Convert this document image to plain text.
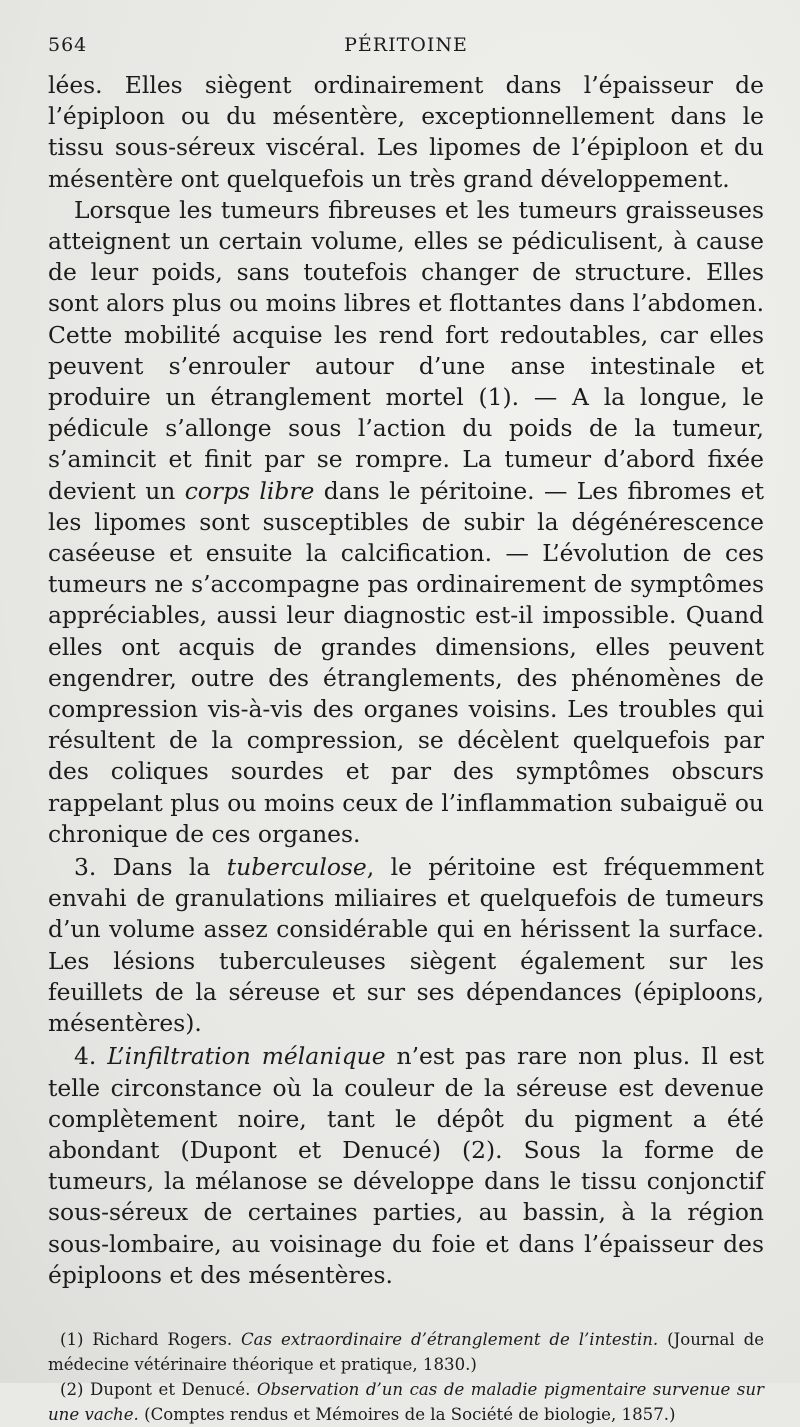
564	PÉRITOINE

lées. Elles siègent ordinairement dans l’épaisseur de l’épiploon ou du mésentère, exceptionnellement dans le tissu sous-séreux viscéral. Les lipomes de l’épiploon et du mésentère ont quelquefois un très grand développement.

Lorsque les tumeurs fibreuses et les tumeurs graisseuses atteignent un certain volume, elles se pédiculisent, à cause de leur poids, sans toutefois changer de structure. Elles sont alors plus ou moins libres et flottantes dans l’abdomen. Cette mobilité acquise les rend fort redoutables, car elles peuvent s’enrouler autour d’une anse intestinale et produire un étranglement mortel (1). — A la longue, le pédicule s’allonge sous l’action du poids de la tumeur, s’amincit et finit par se rompre. La tumeur d’abord fixée devient un corps libre dans le péritoine. — Les fibromes et les lipomes sont susceptibles de subir la dégénérescence caséeuse et ensuite la calcification. — L’évolution de ces tumeurs ne s’accompagne pas ordinairement de symptômes appréciables, aussi leur diagnostic est-il impossible. Quand elles ont acquis de grandes dimensions, elles peuvent engendrer, outre des étranglements, des phénomènes de compression vis-à-vis des organes voisins. Les troubles qui résultent de la compression, se décèlent quelquefois par des coliques sourdes et par des symptômes obscurs rappelant plus ou moins ceux de l’inflammation subaiguë ou chronique de ces organes.

3. Dans la tuberculose, le péritoine est fréquemment envahi de granulations miliaires et quelquefois de tumeurs d’un volume assez considérable qui en hérissent la surface. Les lésions tuberculeuses siègent également sur les feuillets de la séreuse et sur ses dépendances (épiploons, mésentères).

4. L’infiltration mélanique n’est pas rare non plus. Il est telle circonstance où la couleur de la séreuse est devenue complètement noire, tant le dépôt du pigment a été abondant (Dupont et Denucé) (2). Sous la forme de tumeurs, la mélanose se développe dans le tissu conjonctif sous-séreux de certaines parties, au bassin, à la région sous-lombaire, au voisinage du foie et dans l’épaisseur des épiploons et des mésentères.

(1) Richard Rogers. Cas extraordinaire d’étranglement de l’intestin. (Journal de médecine vétérinaire théorique et pratique, 1830.)

(2) Dupont et Denucé. Observation d’un cas de maladie pigmentaire survenue sur une vache. (Comptes rendus et Mémoires de la Société de biologie, 1857.)
